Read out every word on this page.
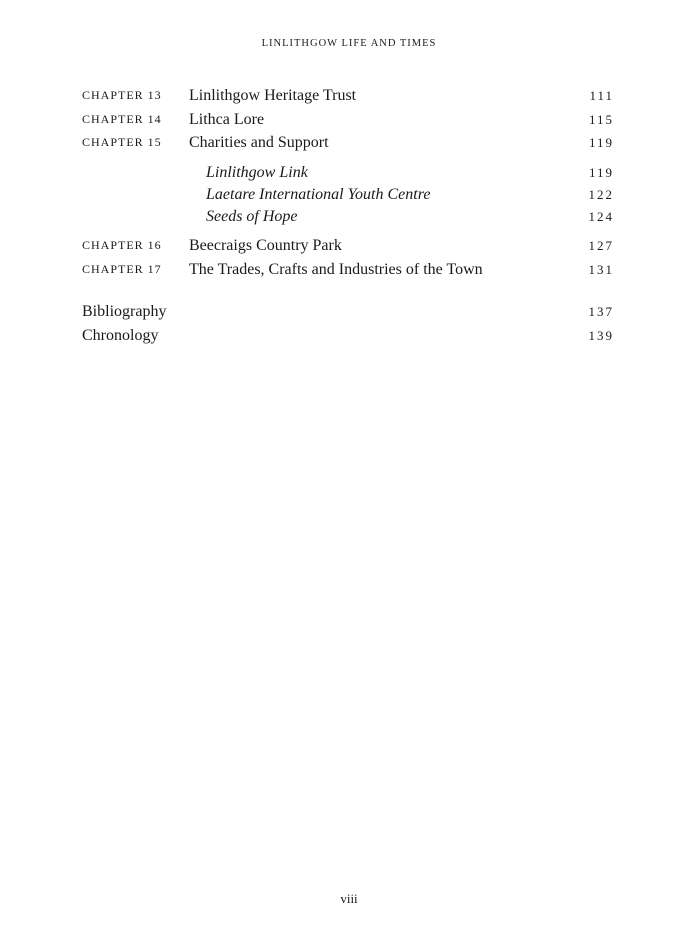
LINLITHGOW LIFE AND TIMES
CHAPTER 13 Linlithgow Heritage Trust	111
CHAPTER 14 Lithca Lore	115
CHAPTER 15 Charities and Support	119
Linlithgow Link	119
Laetare International Youth Centre	122
Seeds of Hope	124
CHAPTER 16 Beecraigs Country Park	127
CHAPTER 17 The Trades, Crafts and Industries of the Town	131
Bibliography	137
Chronology	139
viii
